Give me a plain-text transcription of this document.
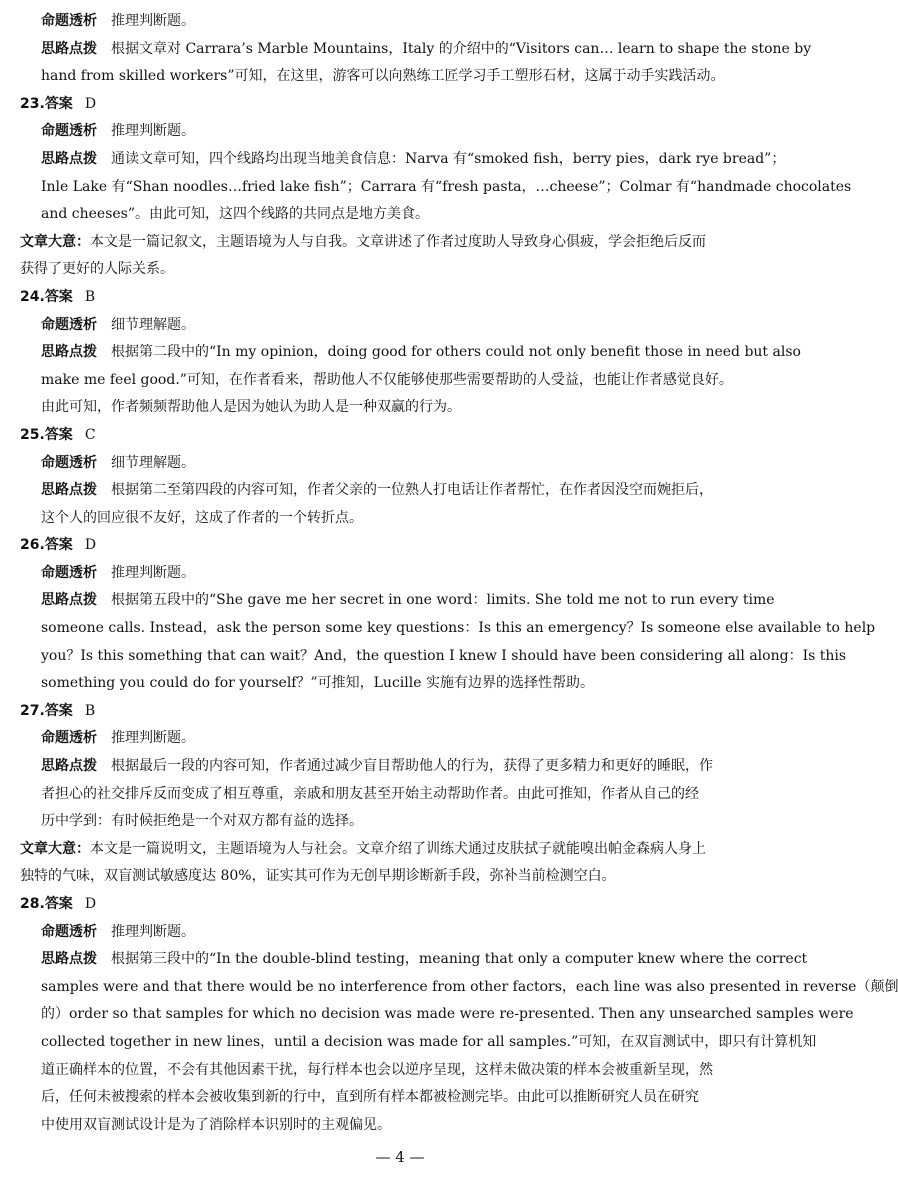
命题透析 推理判断题。
思路点拨 根据文章对 Carrara’s Marble Mountains，Italy 的介绍中的“Visitors can… learn to shape the stone by
hand from skilled workers”可知，在这里，游客可以向熟练工匠学习手工塑形石材，这属于动手实践活动。
23.答案 D
命题透析 推理判断题。
思路点拨 通读文章可知，四个线路均出现当地美食信息：Narva 有“smoked fish，berry pies，dark rye bread”；
Inle Lake 有“Shan noodles…fried lake fish”；Carrara 有“fresh pasta，…cheese”；Colmar 有“handmade chocolates
and cheeses”。由此可知，这四个线路的共同点是地方美食。
文章大意：本文是一篇记叙文，主题语境为人与自我。文章讲述了作者过度助人导致身心俱疲，学会拒绝后反而
获得了更好的人际关系。
24.答案 B
命题透析 细节理解题。
思路点拨 根据第二段中的“In my opinion，doing good for others could not only benefit those in need but also
make me feel good.”可知，在作者看来，帮助他人不仅能够使那些需要帮助的人受益，也能让作者感觉良好。
由此可知，作者频频帮助他人是因为她认为助人是一种双赢的行为。
25.答案 C
命题透析 细节理解题。
思路点拨 根据第二至第四段的内容可知，作者父亲的一位熟人打电话让作者帮忙，在作者因没空而婉拒后，
这个人的回应很不友好，这成了作者的一个转折点。
26.答案 D
命题透析 推理判断题。
思路点拨 根据第五段中的“She gave me her secret in one word：limits. She told me not to run every time
someone calls. Instead，ask the person some key questions：Is this an emergency？Is someone else available to help
you？Is this something that can wait？And，the question I knew I should have been considering all along：Is this
something you could do for yourself？”可推知，Lucille 实施有边界的选择性帮助。
27.答案 B
命题透析 推理判断题。
思路点拨 根据最后一段的内容可知，作者通过减少盲目帮助他人的行为，获得了更多精力和更好的睡眠，作
者担心的社交排斥反而变成了相互尊重，亲戚和朋友甚至开始主动帮助作者。由此可推知，作者从自己的经
历中学到：有时候拒绝是一个对双方都有益的选择。
文章大意：本文是一篇说明文，主题语境为人与社会。文章介绍了训练犬通过皮肤拭子就能嗅出帕金森病人身上
独特的气味，双盲测试敏感度达 80%，证实其可作为无创早期诊断新手段，弥补当前检测空白。
28.答案 D
命题透析 推理判断题。
思路点拨 根据第三段中的“In the double-blind testing，meaning that only a computer knew where the correct
samples were and that there would be no interference from other factors，each line was also presented in reverse（颠倒
的）order so that samples for which no decision was made were re-presented. Then any unsearched samples were
collected together in new lines，until a decision was made for all samples.”可知，在双盲测试中，即只有计算机知
道正确样本的位置，不会有其他因素干扰，每行样本也会以逆序呈现，这样未做决策的样本会被重新呈现，然
后，任何未被搜索的样本会被收集到新的行中，直到所有样本都被检测完毕。由此可以推断研究人员在研究
中使用双盲测试设计是为了消除样本识别时的主观偏见。
— 4 —
